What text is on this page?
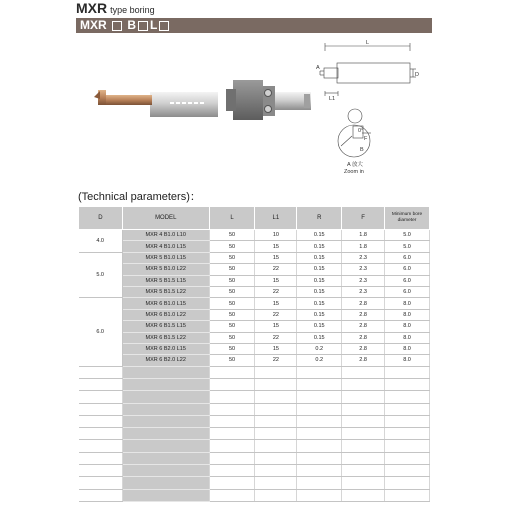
MXR type boring
MXR B L
L
A
L1
D
0°
F
B
A 放大
Zoom in
(Technical parameters)：
D	MODEL	L	L1	R	F	Minimum bore diameter
4.0	MXR 4 B1.0 L10	50	10	0.15	1.8	5.0
	MXR 4 B1.0 L15	50	15	0.15	1.8	5.0
5.0	MXR 5 B1.0 L15	50	15	0.15	2.3	6.0
	MXR 5 B1.0 L22	50	22	0.15	2.3	6.0
	MXR 5 B1.5 L15	50	15	0.15	2.3	6.0
	MXR 5 B1.5 L22	50	22	0.15	2.3	6.0
6.0	MXR 6 B1.0 L15	50	15	0.15	2.8	8.0
	MXR 6 B1.0 L22	50	22	0.15	2.8	8.0
	MXR 6 B1.5 L15	50	15	0.15	2.8	8.0
	MXR 6 B1.5 L22	50	22	0.15	2.8	8.0
	MXR 6 B2.0 L15	50	15	0.2	2.8	8.0
	MXR 6 B2.0 L22	50	22	0.2	2.8	8.0
